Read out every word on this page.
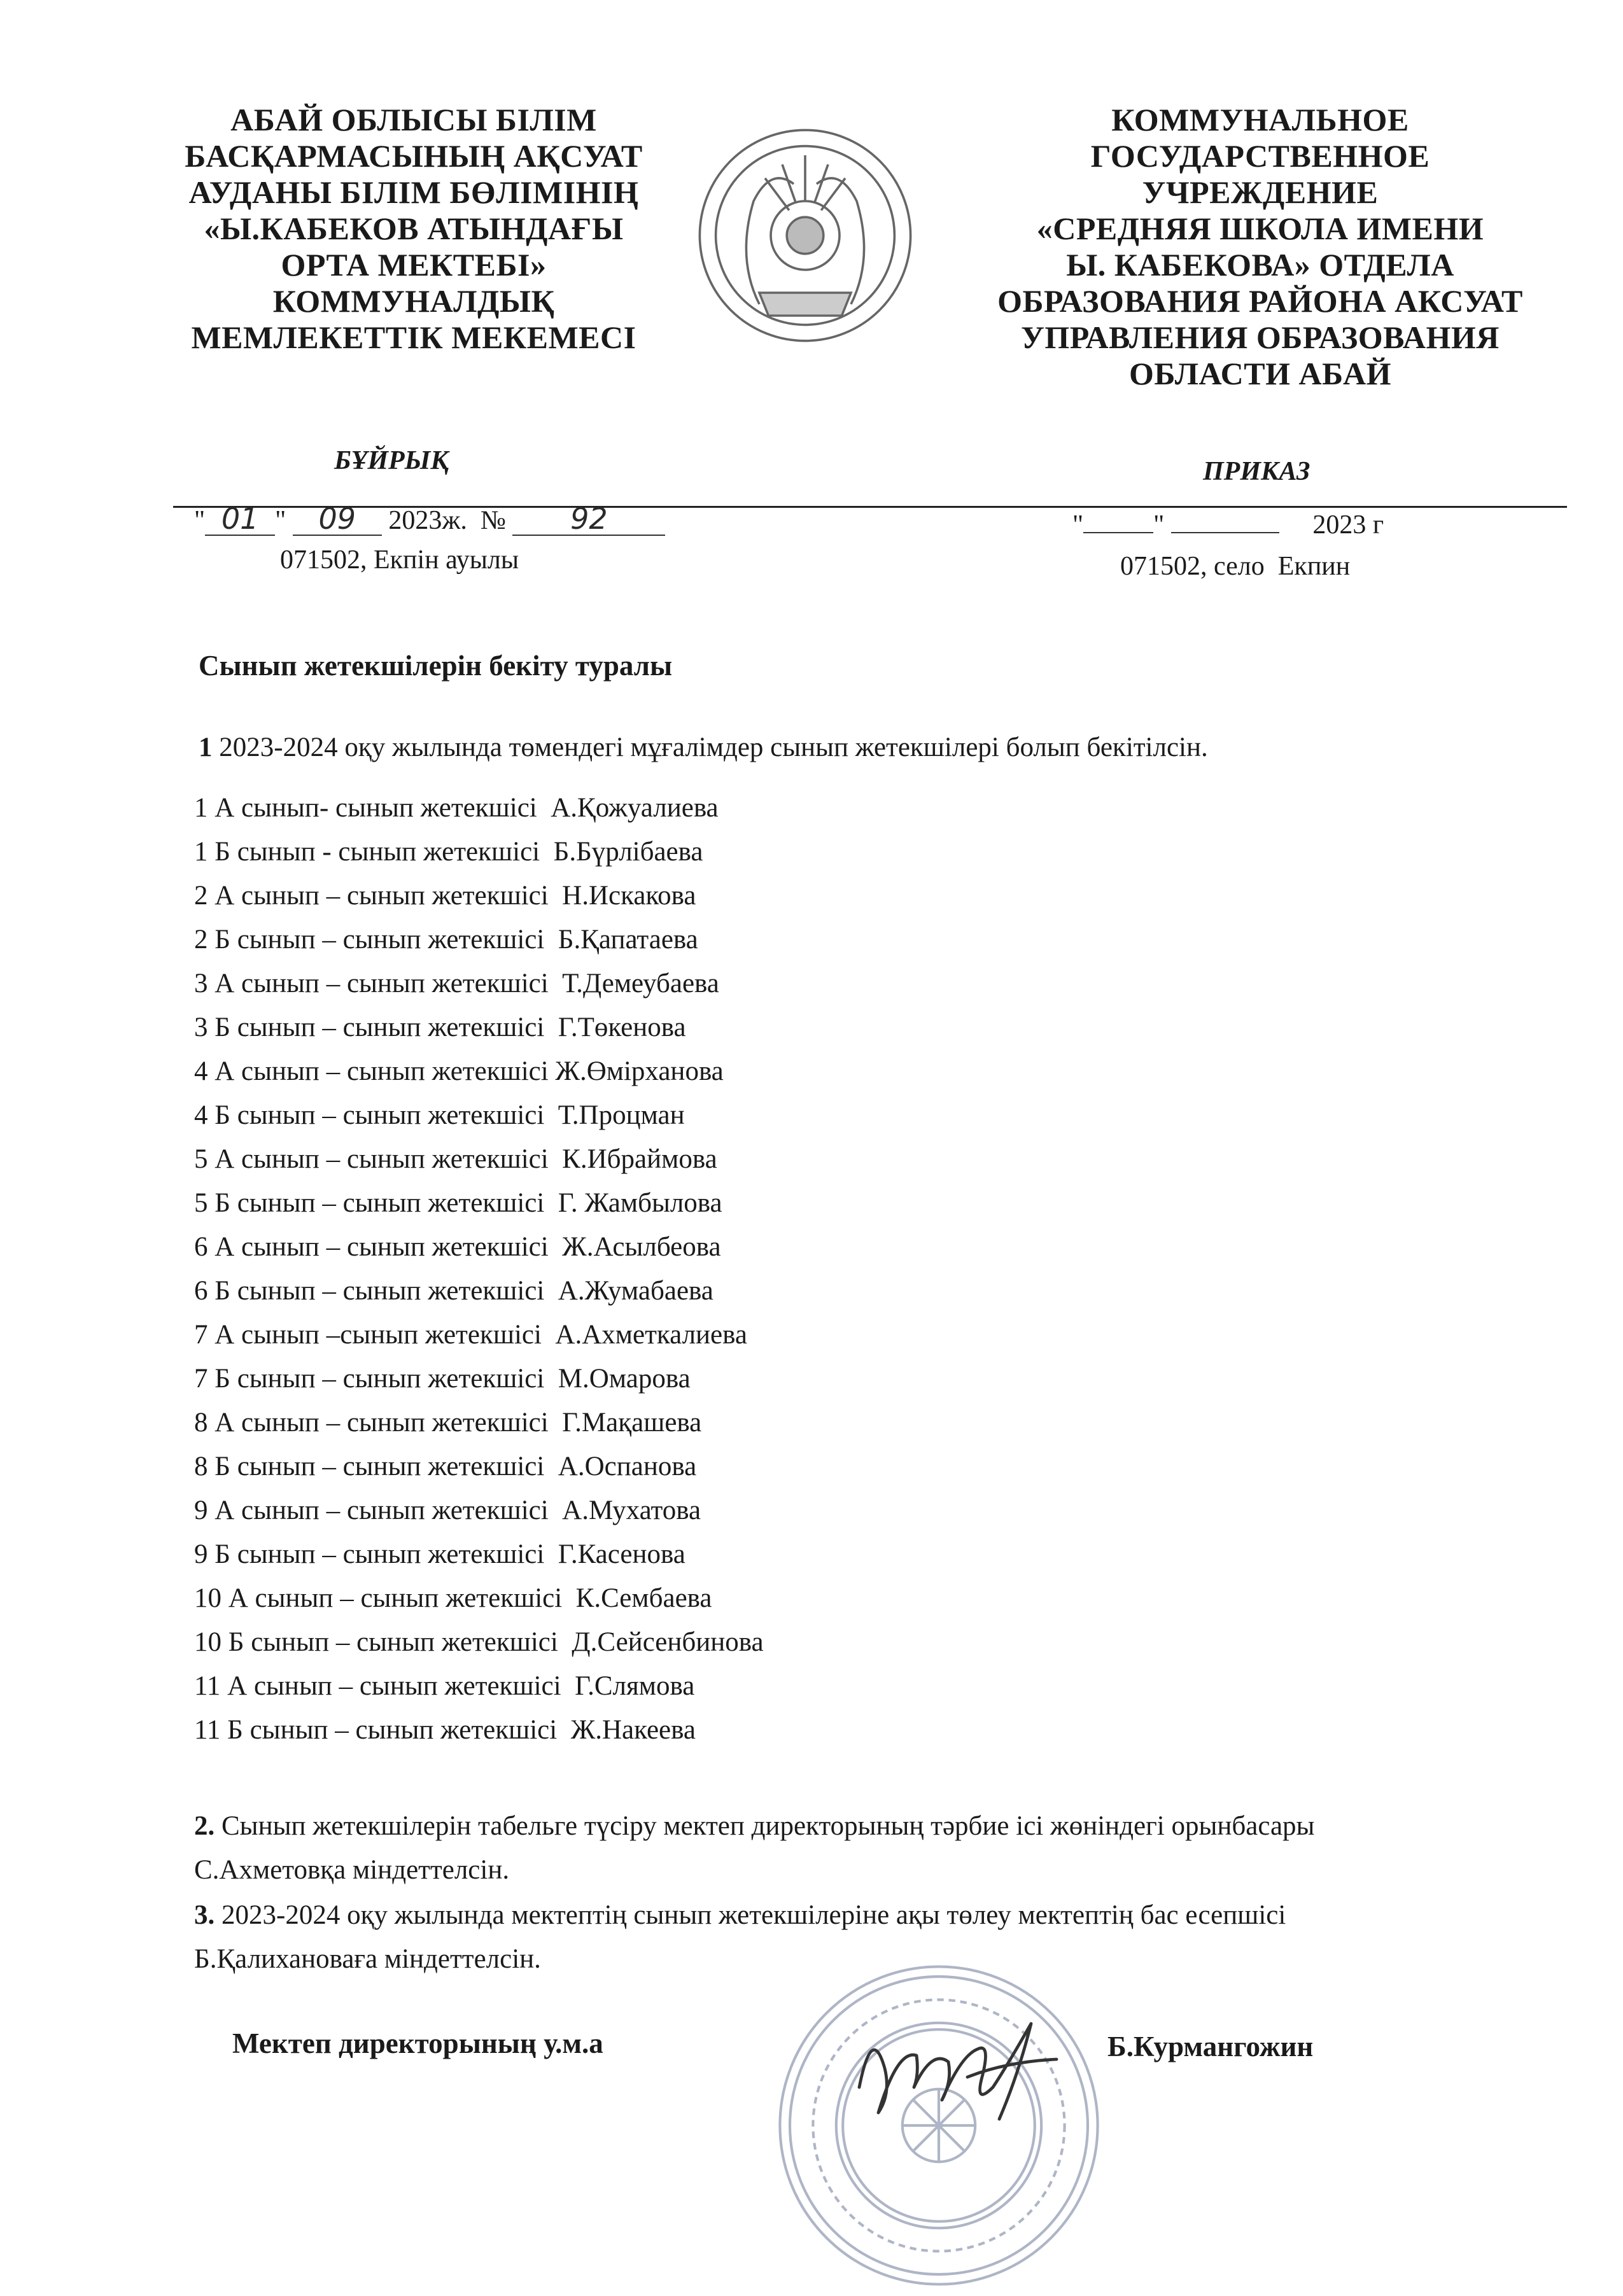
АБАЙ ОБЛЫСЫ БІЛІМ
БАСҚАРМАСЫНЫҢ АҚСУАТ
АУДАНЫ БІЛІМ БӨЛІМІНІҢ
«Ы.КАБЕКОВ АТЫНДАҒЫ
ОРТА МЕКТЕБІ»
КОММУНАЛДЫҚ
МЕМЛЕКЕТТІК МЕКЕМЕСІ
КОММУНАЛЬНОЕ
ГОСУДАРСТВЕННОЕ
УЧРЕЖДЕНИЕ
«СРЕДНЯЯ ШКОЛА ИМЕНИ
Ы. КАБЕКОВА» ОТДЕЛА
ОБРАЗОВАНИЯ РАЙОНА АКСУАТ
УПРАВЛЕНИЯ ОБРАЗОВАНИЯ
ОБЛАСТИ АБАЙ
БҰЙРЫҚ	ПРИКАЗ
" 01 " 09 2023ж. № 92
071502, Екпін ауылы
"	"	2023 г
071502, село  Екпин
Сынып жетекшілерін бекіту туралы
1 2023-2024 оқу жылында төмендегі мұғалімдер сынып жетекшілері болып бекітілсін.
1 А сынып- сынып жетекшісі  А.Қожуалиева
1 Б сынып - сынып жетекшісі  Б.Бүрлібаева
2 А сынып – сынып жетекшісі  Н.Искакова
2 Б сынып – сынып жетекшісі  Б.Қапатаева
3 А сынып – сынып жетекшісі  Т.Демеубаева
3 Б сынып – сынып жетекшісі  Г.Төкенова
4 А сынып – сынып жетекшісі Ж.Өмірханова
4 Б сынып – сынып жетекшісі  Т.Процман
5 А сынып – сынып жетекшісі  К.Ибраймова
5 Б сынып – сынып жетекшісі  Г. Жамбылова
6 А сынып – сынып жетекшісі  Ж.Асылбеова
6 Б сынып – сынып жетекшісі  А.Жумабаева
7 А сынып –сынып жетекшісі  А.Ахметкалиева
7 Б сынып – сынып жетекшісі  М.Омарова
8 А сынып – сынып жетекшісі  Г.Мақашева
8 Б сынып – сынып жетекшісі  А.Оспанова
9 А сынып – сынып жетекшісі  А.Мухатова
9 Б сынып – сынып жетекшісі  Г.Касенова
10 А сынып – сынып жетекшісі  К.Сембаева
10 Б сынып – сынып жетекшісі  Д.Сейсенбинова
11 А сынып – сынып жетекшісі  Г.Слямова
11 Б сынып – сынып жетекшісі  Ж.Накеева
2. Сынып жетекшілерін табельге түсіру мектеп директорының тәрбие ісі жөніндегі орынбасары С.Ахметовқа міндеттелсін.
3. 2023-2024 оқу жылында мектептің сынып жетекшілеріне ақы төлеу мектептің бас есепшісі Б.Қалихановаға міндеттелсін.
Мектеп директорының у.м.а	Б.Курмангожин
